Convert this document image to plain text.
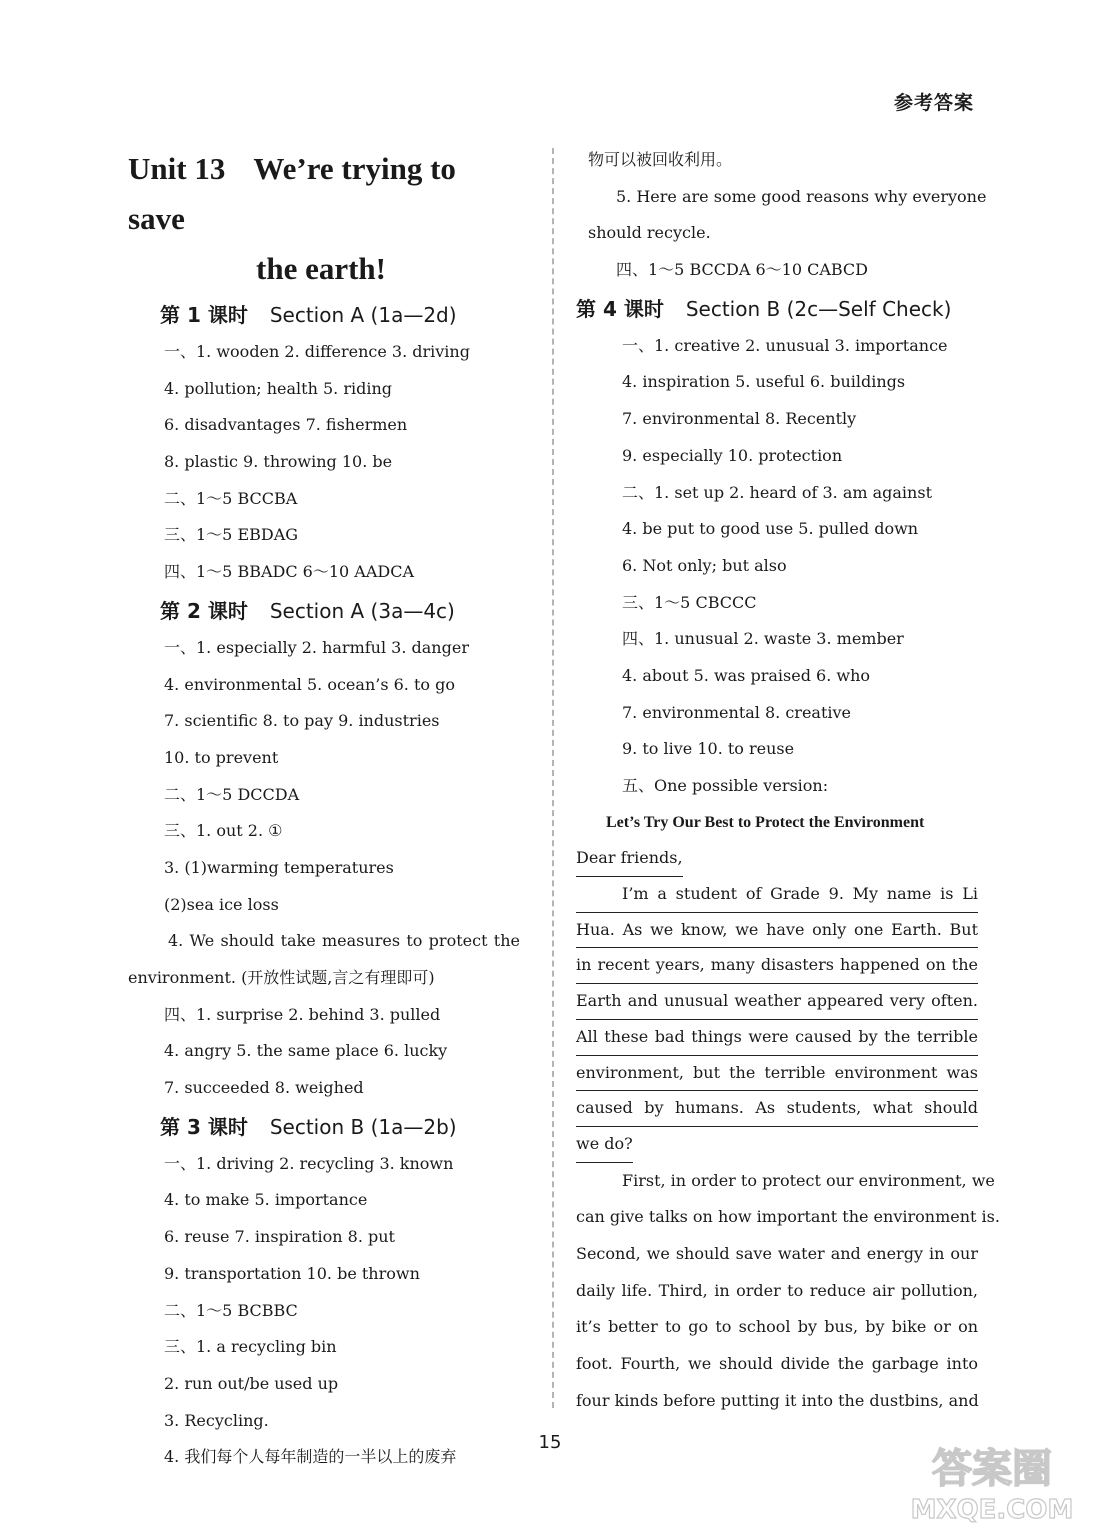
参考答案
Unit 13 We’re trying to save
the earth!
第 1 课时 Section A (1a—2d)
一、1. wooden 2. difference 3. driving
4. pollution; health 5. riding
6. disadvantages 7. fishermen
8. plastic 9. throwing 10. be
二、1～5 BCCBA
三、1～5 EBDAG
四、1～5 BBADC 6～10 AADCA
第 2 课时 Section A (3a—4c)
一、1. especially 2. harmful 3. danger
4. environmental 5. ocean’s 6. to go
7. scientific 8. to pay 9. industries
10. to prevent
二、1～5 DCCDA
三、1. out 2. ①
3. (1)warming temperatures
(2)sea ice loss
4. We should take measures to protect the
environment. (开放性试题,言之有理即可)
四、1. surprise 2. behind 3. pulled
4. angry 5. the same place 6. lucky
7. succeeded 8. weighed
第 3 课时 Section B (1a—2b)
一、1. driving 2. recycling 3. known
4. to make 5. importance
6. reuse 7. inspiration 8. put
9. transportation 10. be thrown
二、1～5 BCBBC
三、1. a recycling bin
2. run out/be used up
3. Recycling.
4. 我们每个人每年制造的一半以上的废弃
物可以被回收利用。
5. Here are some good reasons why everyone
should recycle.
四、1～5 BCCDA 6～10 CABCD
第 4 课时 Section B (2c—Self Check)
一、1. creative 2. unusual 3. importance
4. inspiration 5. useful 6. buildings
7. environmental 8. Recently
9. especially 10. protection
二、1. set up 2. heard of 3. am against
4. be put to good use 5. pulled down
6. Not only; but also
三、1～5 CBCCC
四、1. unusual 2. waste 3. member
4. about 5. was praised 6. who
7. environmental 8. creative
9. to live 10. to reuse
五、One possible version:
Let’s Try Our Best to Protect the Environment
Dear friends,
I’m a student of Grade 9. My name is Li
Hua. As we know, we have only one Earth. But
in recent years, many disasters happened on the
Earth and unusual weather appeared very often.
All these bad things were caused by the terrible
environment, but the terrible environment was
caused by humans. As students, what should
we do?
First, in order to protect our environment, we
can give talks on how important the environment is.
Second, we should save water and energy in our
daily life. Third, in order to reduce air pollution,
it’s better to go to school by bus, by bike or on
foot. Fourth, we should divide the garbage into
four kinds before putting it into the dustbins, and
15
答案圈
MXQE.COM
